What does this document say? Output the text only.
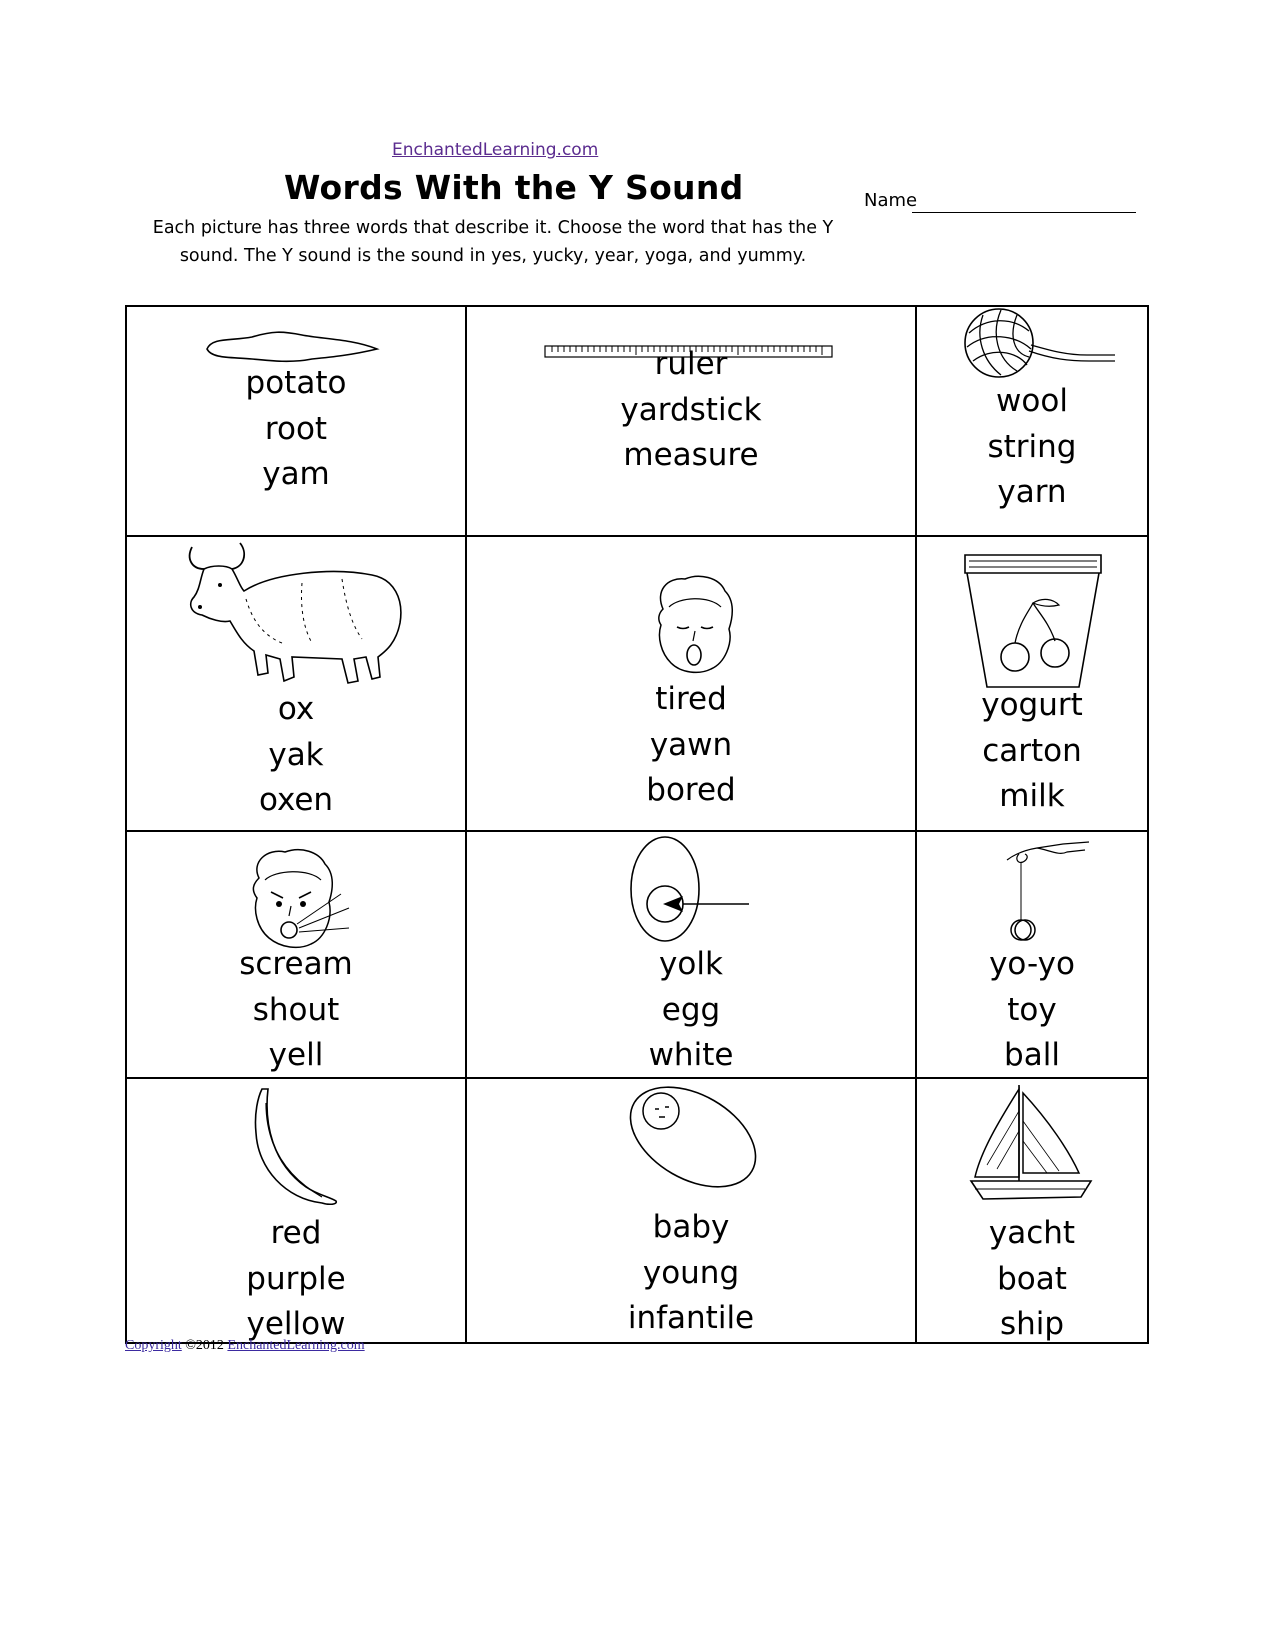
EnchantedLearning.com
Words With the Y Sound	Name
Each picture has three words that describe it. Choose the word that has the Y sound. The Y sound is the sound in yes, yucky, year, yoga, and yummy.
potato
root
yam
ruler
yardstick
measure
wool
string
yarn
ox
yak
oxen
tired
yawn
bored
yogurt
carton
milk
scream
shout
yell
yolk
egg
white
yo-yo
toy
ball
red
purple
yellow
baby
young
infantile
yacht
boat
ship
Copyright ©2012 EnchantedLearning.com
